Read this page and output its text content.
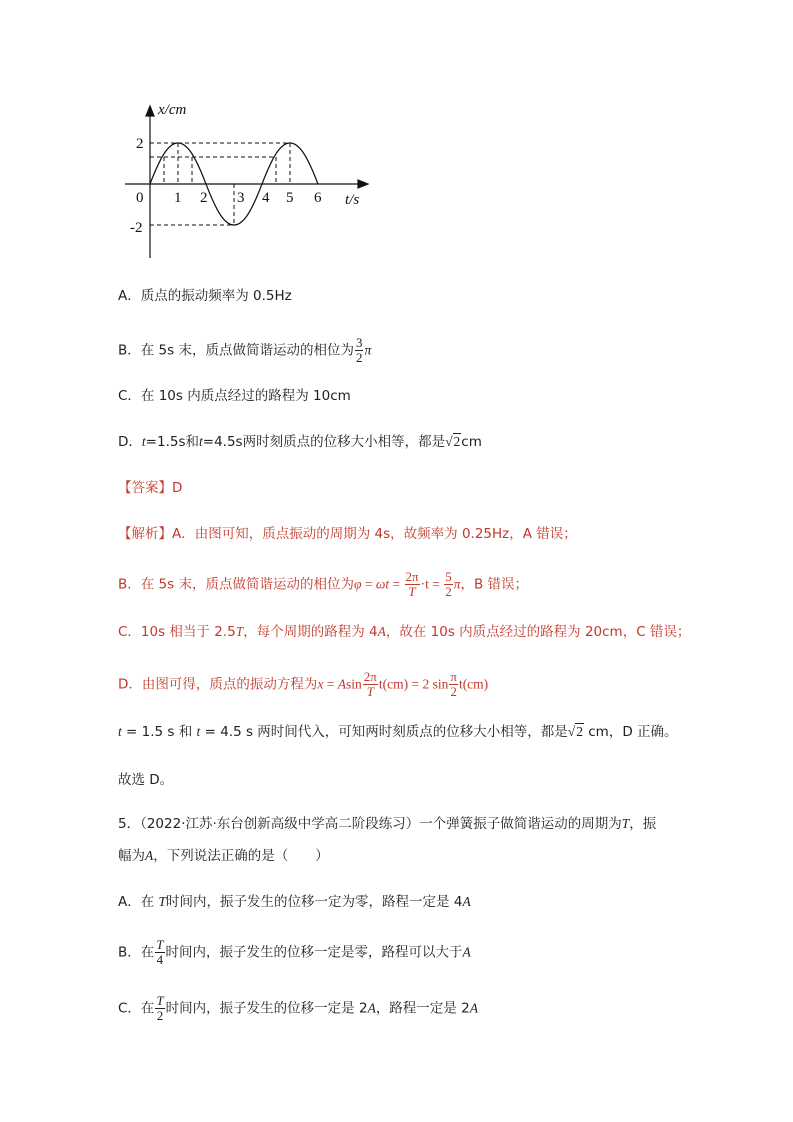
x/cm
t/s
2
-2
0 1 2 3 4 5 6
A．质点的振动频率为 0.5Hz
B．在 5s 末，质点做简谐运动的相位为 $\frac{3}{2}$ π
C．在 10s 内质点经过的路程为 10cm
D．t=1.5s和t=4.5s两时刻质点的位移大小相等，都是√2cm
【答案】D
【解析】A．由图可知，质点振动的周期为 4s，故频率为 0.25Hz，A 错误；
B．在 5s 末，质点做简谐运动的相位为$\varphi = \omega t = \frac{2\pi}{T} \cdot t = \frac{5}{2}$ π，B 错误；
C．10s 相当于 2.5T，每个周期的路程为 4A，故在 10s 内质点经过的路程为 20cm，C 错误；
D．由图可得，质点的振动方程为x = Asin $\frac{2\pi}{T} t(cm) = 2$ $\sin \frac{\pi}{2} t(cm)$
t = 1.5 s 和 t = 4.5 s 两时间代入，可知两时刻质点的位移大小相等，都是√2 cm，D 正确。
故选 D。
5．（2022·江苏·东台创新高级中学高二阶段练习）一个弹簧振子做简谐运动的周期为T，振
幅为A，下列说法正确的是（　　）
A．在 T时间内，振子发生的位移一定为零，路程一定是 4A
B．在 $\frac{T}{4}$ 时间内，振子发生的位移一定是零，路程可以大于A
C．在 $\frac{T}{2}$ 时间内，振子发生的位移一定是 2A，路程一定是 2A
